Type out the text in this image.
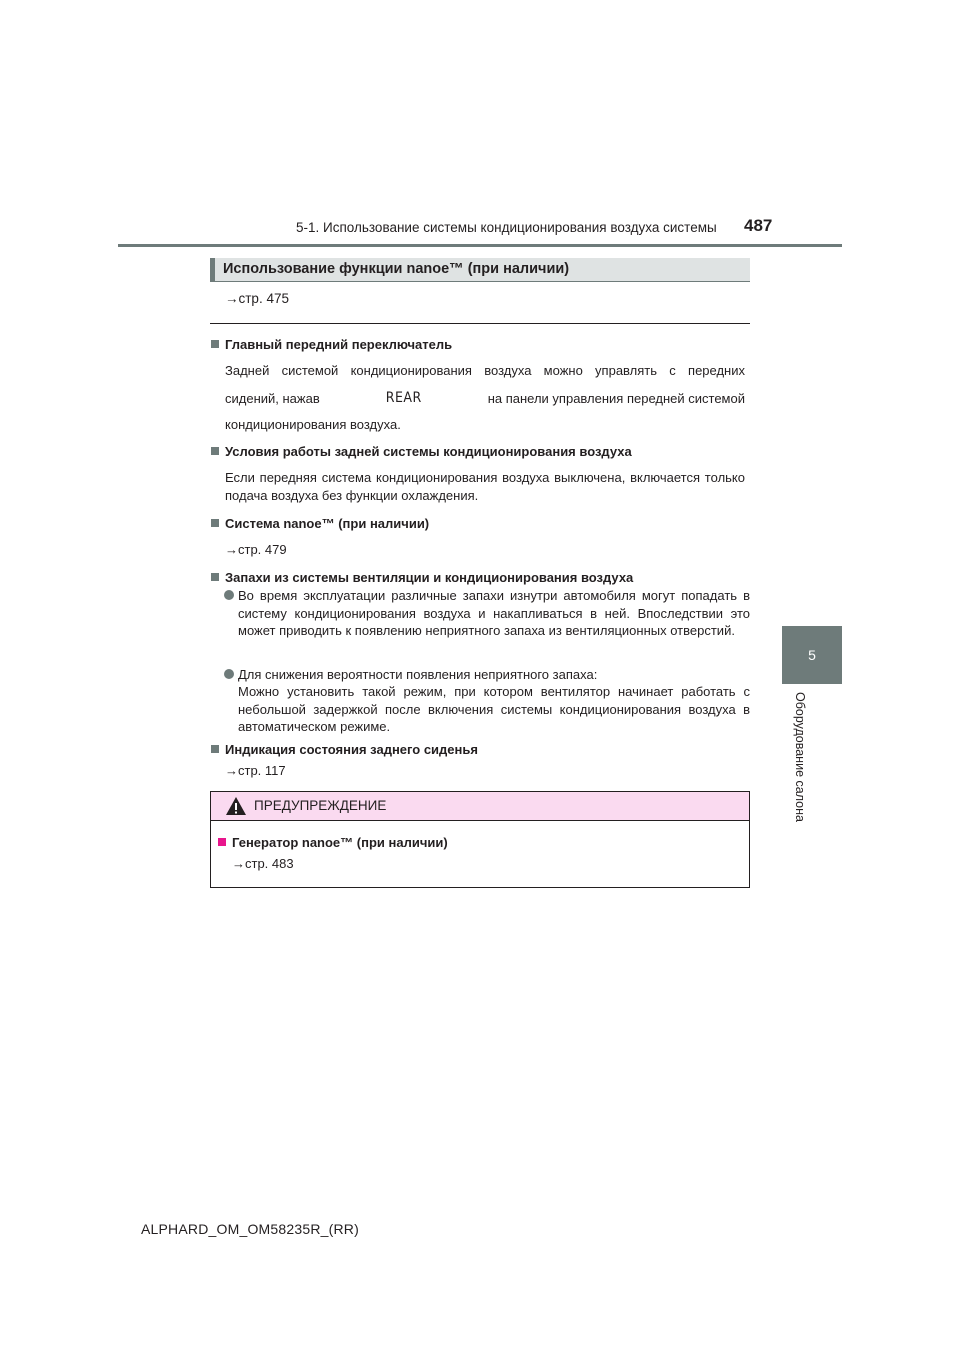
5-1. Использование системы кондиционирования воздуха системы 487
5
Оборудование салона
Использование функции nanoe™ (при наличии)
→стр. 475
Главный передний переключатель
Задней системой кондиционирования воздуха можно управлять с передних
сидений, нажав	REAR	на панели управления передней системой
кондиционирования воздуха.
Условия работы задней системы кондиционирования воздуха
Если передняя система кондиционирования воздуха выключена, включается только подача воздуха без функции охлаждения.
Система nanoe™ (при наличии)
→стр. 479
Запахи из системы вентиляции и кондиционирования воздуха
Во время эксплуатации различные запахи изнутри автомобиля могут попадать в систему кондиционирования воздуха и накапливаться в ней. Впоследствии это может приводить к появлению неприятного запаха из вентиляционных отверстий.
Для снижения вероятности появления неприятного запаха:
Можно установить такой режим, при котором вентилятор начинает работать с небольшой задержкой после включения системы кондиционирования воздуха в автоматическом режиме.
Индикация состояния заднего сиденья
→стр. 117
ПРЕДУПРЕЖДЕНИЕ
Генератор nanoe™ (при наличии)
→стр. 483
ALPHARD_OM_OM58235R_(RR)
